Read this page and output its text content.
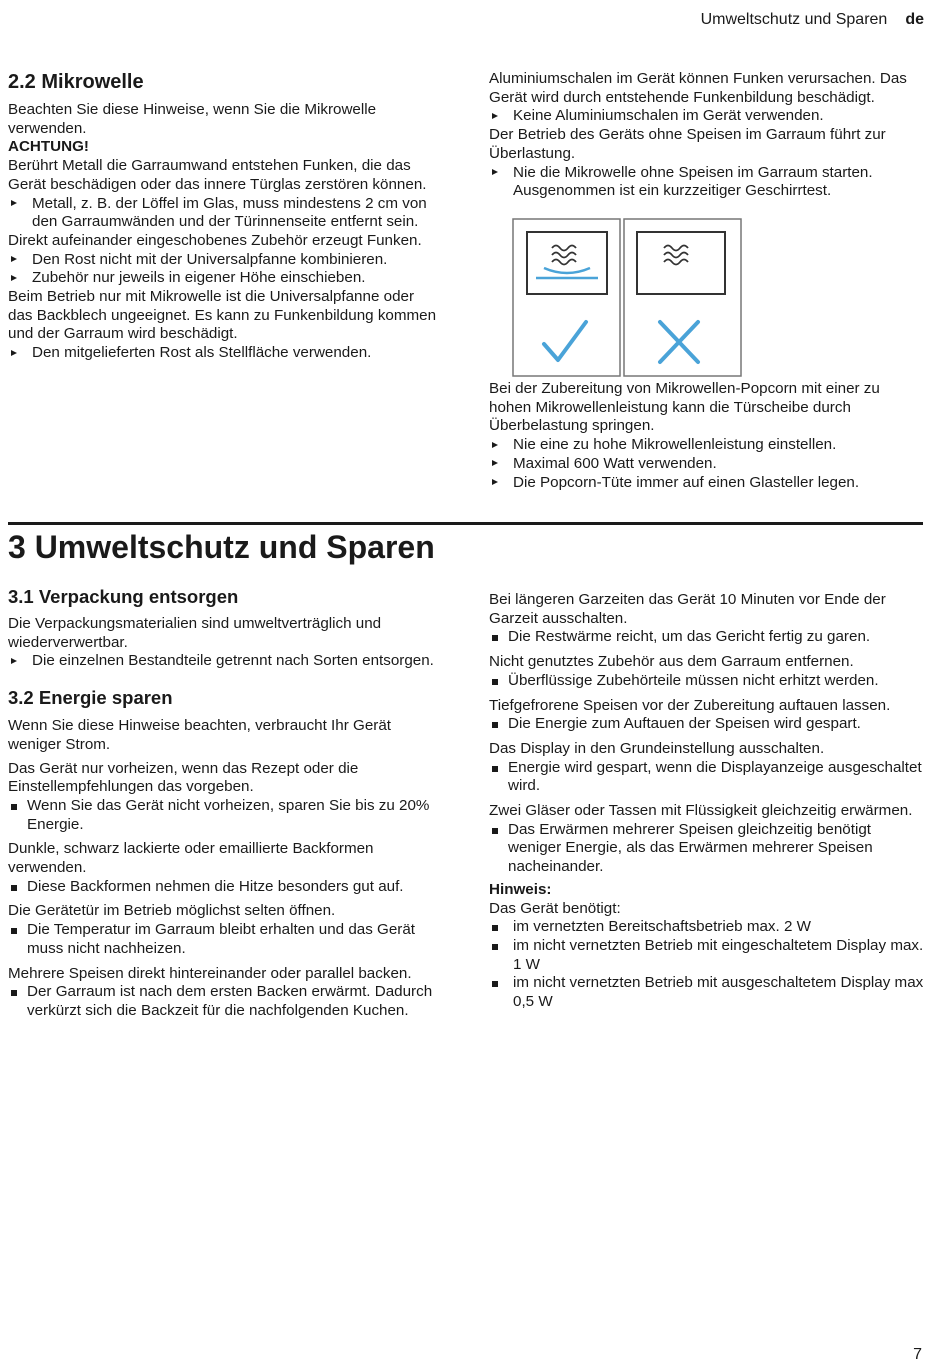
Umweltschutz und Sparen de

2.2 Mikrowelle

Beachten Sie diese Hinweise, wenn Sie die Mikrowelle verwenden.

ACHTUNG!

Berührt Metall die Garraumwand entstehen Funken, die das Gerät beschädigen oder das innere Türglas zerstören können.

Metall, z. B. der Löffel im Glas, muss mindestens 2 cm von den Garraumwänden und der Türinnenseite entfernt sein.

Direkt aufeinander eingeschobenes Zubehör erzeugt Funken.

Den Rost nicht mit der Universalpfanne kombinieren.

Zubehör nur jeweils in eigener Höhe einschieben.

Beim Betrieb nur mit Mikrowelle ist die Universalpfanne oder das Backblech ungeeignet. Es kann zu Funkenbildung kommen und der Garraum wird beschädigt.

Den mitgelieferten Rost als Stellfläche verwenden.

Aluminiumschalen im Gerät können Funken verursachen. Das Gerät wird durch entstehende Funkenbildung beschädigt.

Keine Aluminiumschalen im Gerät verwenden.

Der Betrieb des Geräts ohne Speisen im Garraum führt zur Überlastung.

Nie die Mikrowelle ohne Speisen im Garraum starten. Ausgenommen ist ein kurzzeitiger Geschirrtest.

Bei der Zubereitung von Mikrowellen-Popcorn mit einer zu hohen Mikrowellenleistung kann die Türscheibe durch Überbelastung springen.

Nie eine zu hohe Mikrowellenleistung einstellen.

Maximal 600 Watt verwenden.

Die Popcorn-Tüte immer auf einen Glasteller legen.

3 Umweltschutz und Sparen

3.1 Verpackung entsorgen

Die Verpackungsmaterialien sind umweltverträglich und wiederverwertbar.

Die einzelnen Bestandteile getrennt nach Sorten entsorgen.

3.2 Energie sparen

Wenn Sie diese Hinweise beachten, verbraucht Ihr Gerät weniger Strom.

Das Gerät nur vorheizen, wenn das Rezept oder die Einstellempfehlungen das vorgeben.

Wenn Sie das Gerät nicht vorheizen, sparen Sie bis zu 20% Energie.

Dunkle, schwarz lackierte oder emaillierte Backformen verwenden.

Diese Backformen nehmen die Hitze besonders gut auf.

Die Gerätetür im Betrieb möglichst selten öffnen.

Die Temperatur im Garraum bleibt erhalten und das Gerät muss nicht nachheizen.

Mehrere Speisen direkt hintereinander oder parallel backen.

Der Garraum ist nach dem ersten Backen erwärmt. Dadurch verkürzt sich die Backzeit für die nachfolgenden Kuchen.

Bei längeren Garzeiten das Gerät 10 Minuten vor Ende der Garzeit ausschalten.

Die Restwärme reicht, um das Gericht fertig zu garen.

Nicht genutztes Zubehör aus dem Garraum entfernen.

Überflüssige Zubehörteile müssen nicht erhitzt werden.

Tiefgefrorene Speisen vor der Zubereitung auftauen lassen.

Die Energie zum Auftauen der Speisen wird gespart.

Das Display in den Grundeinstellung ausschalten.

Energie wird gespart, wenn die Displayanzeige ausgeschaltet wird.

Zwei Gläser oder Tassen mit Flüssigkeit gleichzeitig erwärmen.

Das Erwärmen mehrerer Speisen gleichzeitig benötigt weniger Energie, als das Erwärmen mehrerer Speisen nacheinander.

Hinweis:

Das Gerät benötigt:

im vernetzten Bereitschaftsbetrieb max. 2 W

im nicht vernetzten Betrieb mit eingeschaltetem Display max. 1 W

im nicht vernetzten Betrieb mit ausgeschaltetem Display max 0,5 W

7
